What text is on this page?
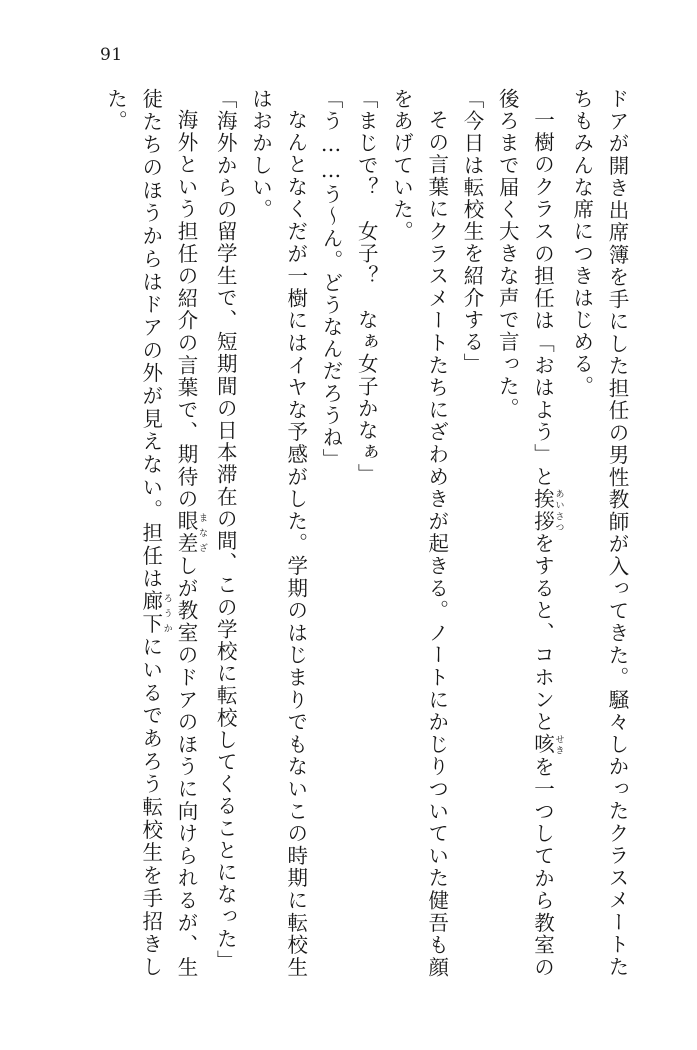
91

ドアが開き出席簿を手にした担任の男性教師が入ってきた。騒々しかったクラスメートたちもみんな席につきはじめる。

一樹のクラスの担任は「おはよう」と挨拶 あいさつをすると、コホンと咳 せきを一つしてから教室の後ろまで届く大きな声で言った。

「今日は転校生を紹介する」

その言葉にクラスメートたちにざわめきが起きる。ノートにかじりついていた健吾も顔をあげていた。

「まじで？　女子？　なぁ女子かなぁ」

「う……う～ん。どうなんだろうね」

なんとなくだが一樹にはイヤな予感がした。学期のはじまりでもないこの時期に転校生はおかしい。

「海外からの留学生で、短期間の日本滞在の間、この学校に転校してくることになった」

海外という担任の紹介の言葉で、期待の眼差 まなざしが教室のドアのほうに向けられるが、生徒たちのほうからはドアの外が見えない。担任は廊下 ろうかにいるであろう転校生を手招きした。
